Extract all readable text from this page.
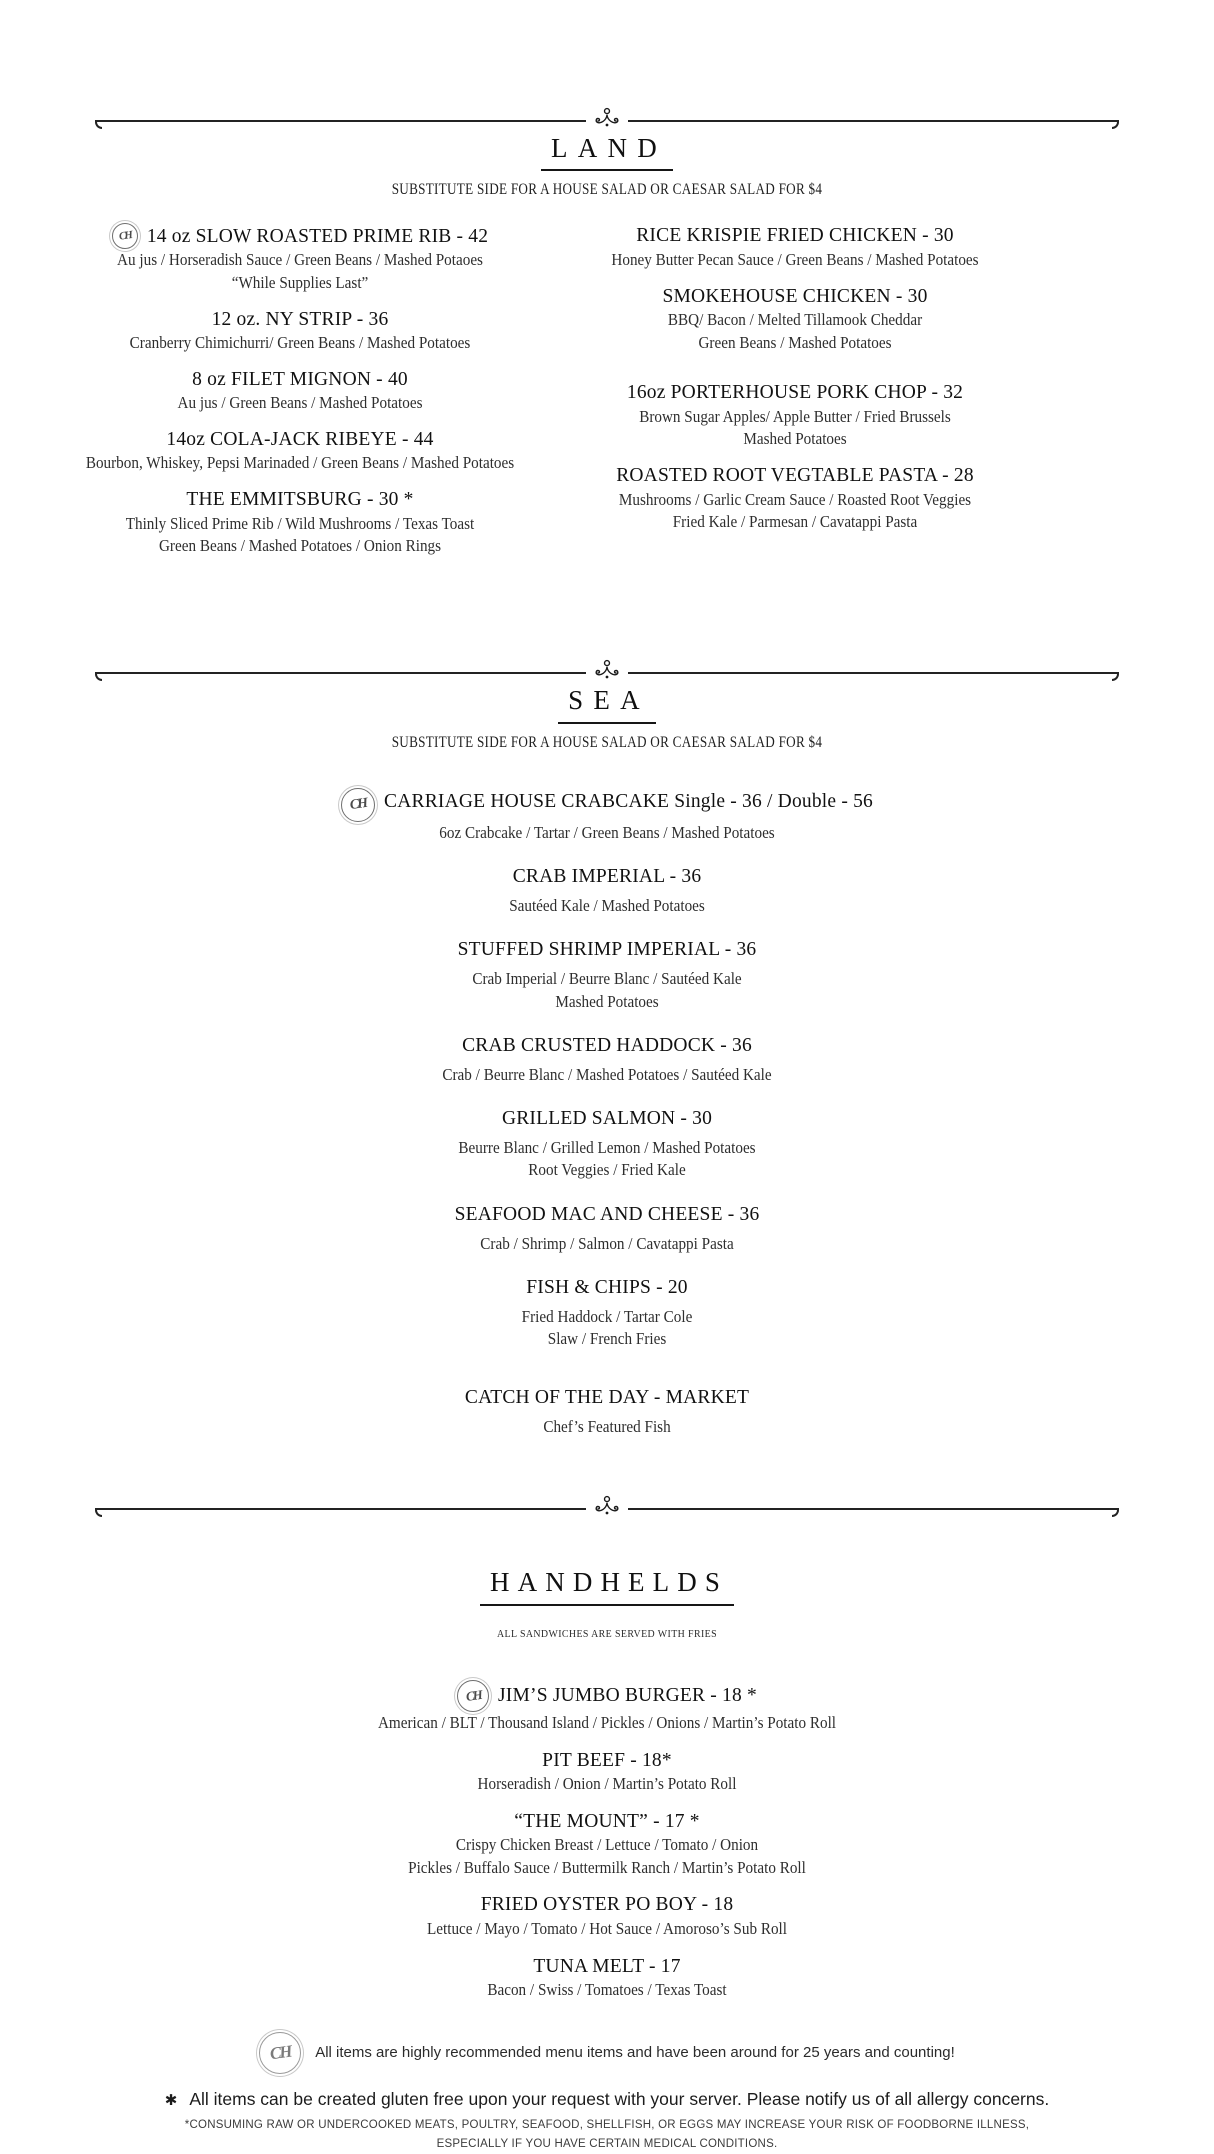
LAND

SUBSTITUTE SIDE FOR A HOUSE SALAD OR CAESAR SALAD FOR $4

CH 14 oz SLOW ROASTED PRIME RIB - 42

Au jus / Horseradish Sauce / Green Beans / Mashed Potaoes

“While Supplies Last”

12 oz. NY STRIP - 36

Cranberry Chimichurri/ Green Beans / Mashed Potatoes

8 oz FILET MIGNON - 40

Au jus / Green Beans / Mashed Potatoes

14oz COLA-JACK RIBEYE - 44

Bourbon, Whiskey, Pepsi Marinaded / Green Beans / Mashed Potatoes

THE EMMITSBURG - 30 *

Thinly Sliced Prime Rib / Wild Mushrooms / Texas Toast

Green Beans / Mashed Potatoes / Onion Rings

RICE KRISPIE FRIED CHICKEN - 30

Honey Butter Pecan Sauce / Green Beans / Mashed Potatoes

SMOKEHOUSE CHICKEN - 30

BBQ/ Bacon / Melted Tillamook Cheddar

Green Beans / Mashed Potatoes

16oz PORTERHOUSE PORK CHOP - 32

Brown Sugar Apples/ Apple Butter / Fried Brussels

Mashed Potatoes

ROASTED ROOT VEGTABLE PASTA - 28

Mushrooms / Garlic Cream Sauce / Roasted Root Veggies

Fried Kale / Parmesan / Cavatappi Pasta

SEA

SUBSTITUTE SIDE FOR A HOUSE SALAD OR CAESAR SALAD FOR $4

CH CARRIAGE HOUSE CRABCAKE Single - 36 / Double - 56

6oz Crabcake / Tartar / Green Beans / Mashed Potatoes

CRAB IMPERIAL - 36

Sautéed Kale / Mashed Potatoes

STUFFED SHRIMP IMPERIAL - 36

Crab Imperial / Beurre Blanc / Sautéed Kale

Mashed Potatoes

CRAB CRUSTED HADDOCK - 36

Crab / Beurre Blanc / Mashed Potatoes / Sautéed Kale

GRILLED SALMON - 30

Beurre Blanc / Grilled Lemon / Mashed Potatoes

Root Veggies / Fried Kale

SEAFOOD MAC AND CHEESE - 36

Crab / Shrimp / Salmon / Cavatappi Pasta

FISH & CHIPS - 20

Fried Haddock / Tartar Cole

Slaw / French Fries

CATCH OF THE DAY - MARKET

Chef’s Featured Fish

HANDHELDS

ALL SANDWICHES ARE SERVED WITH FRIES

CH JIM’S JUMBO BURGER - 18 *

American / BLT / Thousand Island / Pickles / Onions / Martin’s Potato Roll

PIT BEEF - 18*

Horseradish / Onion / Martin’s Potato Roll

“THE MOUNT” - 17 *

Crispy Chicken Breast / Lettuce / Tomato / Onion

Pickles / Buffalo Sauce / Buttermilk Ranch / Martin’s Potato Roll

FRIED OYSTER PO BOY - 18

Lettuce / Mayo / Tomato / Hot Sauce / Amoroso’s Sub Roll

TUNA MELT - 17

Bacon / Swiss / Tomatoes / Texas Toast

CH All items are highly recommended menu items and have been around for 25 years and counting!
✱ All items can be created gluten free upon your request with your server. Please notify us of all allergy concerns.
*CONSUMING RAW OR UNDERCOOKED MEATS, POULTRY, SEAFOOD, SHELLFISH, OR EGGS MAY INCREASE YOUR RISK OF FOODBORNE ILLNESS,
ESPECIALLY IF YOU HAVE CERTAIN MEDICAL CONDITIONS.
